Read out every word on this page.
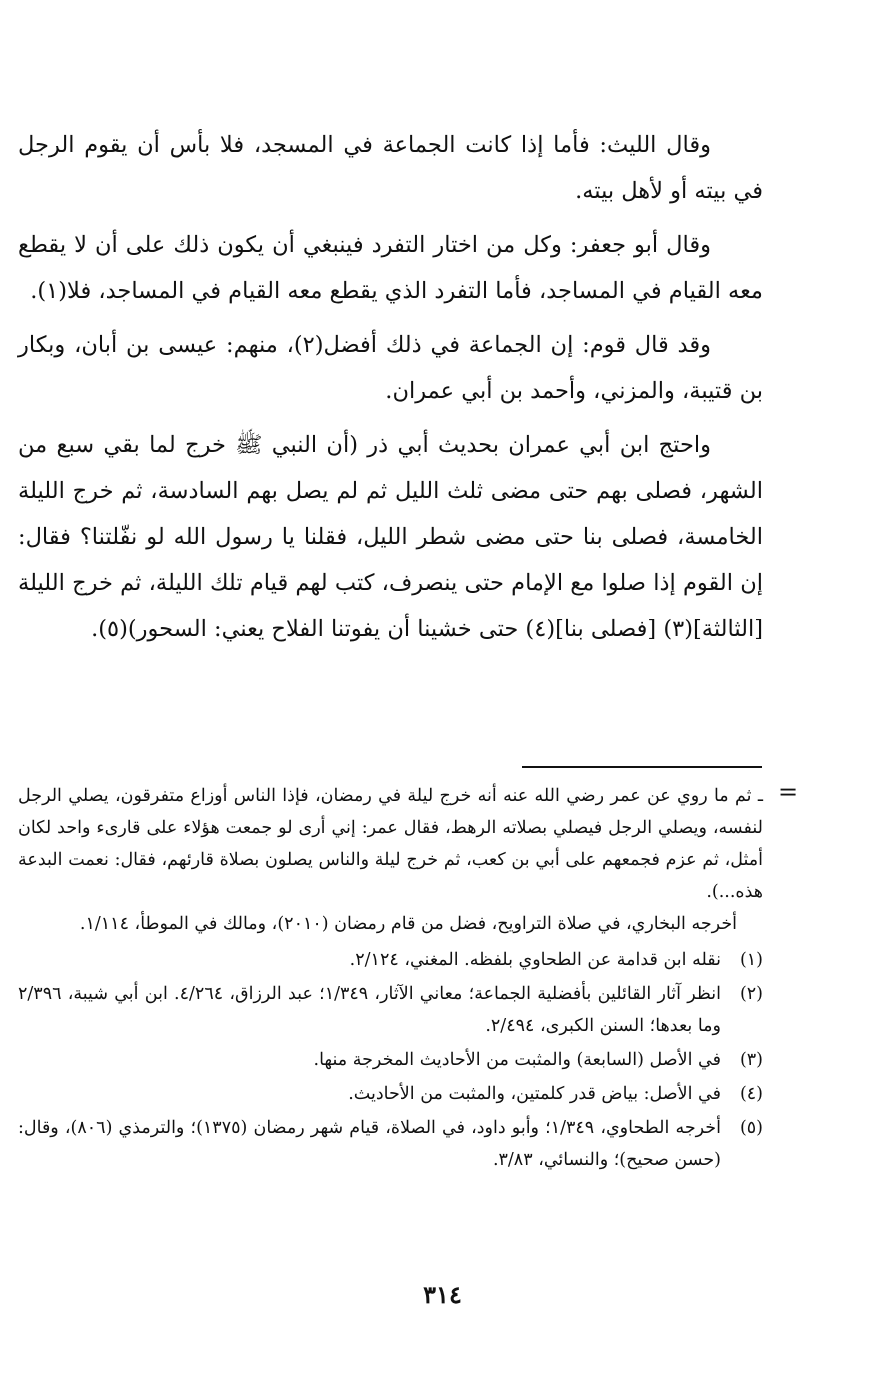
وقال الليث: فأما إذا كانت الجماعة في المسجد، فلا بأس أن يقوم الرجل في بيته أو لأهل بيته.

وقال أبو جعفر: وكل من اختار التفرد فينبغي أن يكون ذلك على أن لا يقطع معه القيام في المساجد، فأما التفرد الذي يقطع معه القيام في المساجد، فلا(١).

وقد قال قوم: إن الجماعة في ذلك أفضل(٢)، منهم: عيسى بن أبان، وبكار بن قتيبة، والمزني، وأحمد بن أبي عمران.

واحتج ابن أبي عمران بحديث أبي ذر (أن النبي ﷺ خرج لما بقي سبع من الشهر، فصلى بهم حتى مضى ثلث الليل ثم لم يصل بهم السادسة، ثم خرج الليلة الخامسة، فصلى بنا حتى مضى شطر الليل، فقلنا يا رسول الله لو نفّلتنا؟ فقال: إن القوم إذا صلوا مع الإمام حتى ينصرف، كتب لهم قيام تلك الليلة، ثم خرج الليلة [الثالثة](٣) [فصلى بنا](٤) حتى خشينا أن يفوتنا الفلاح يعني: السحور)(٥).

=

ـ ثم ما روي عن عمر رضي الله عنه أنه خرج ليلة في رمضان، فإذا الناس أوزاع متفرقون، يصلي الرجل لنفسه، ويصلي الرجل فيصلي بصلاته الرهط، فقال عمر: إني أرى لو جمعت هؤلاء على قارىء واحد لكان أمثل، ثم عزم فجمعهم على أبي بن كعب، ثم خرج ليلة والناس يصلون بصلاة قارئهم، فقال: نعمت البدعة هذه...).

أخرجه البخاري، في صلاة التراويح، فضل من قام رمضان (٢٠١٠)، ومالك في الموطأ، ١/١١٤.

(١)
نقله ابن قدامة عن الطحاوي بلفظه. المغني، ٢/١٢٤.
(٢)
انظر آثار القائلين بأفضلية الجماعة؛ معاني الآثار، ١/٣٤٩؛ عبد الرزاق، ٤/٢٦٤. ابن أبي شيبة، ٢/٣٩٦ وما بعدها؛ السنن الكبرى، ٢/٤٩٤.
(٣)
في الأصل (السابعة) والمثبت من الأحاديث المخرجة منها.
(٤)
في الأصل: بياض قدر كلمتين، والمثبت من الأحاديث.
(٥)
أخرجه الطحاوي، ١/٣٤٩؛ وأبو داود، في الصلاة، قيام شهر رمضان (١٣٧٥)؛ والترمذي (٨٠٦)، وقال: (حسن صحيح)؛ والنسائي، ٣/٨٣.
٣١٤
